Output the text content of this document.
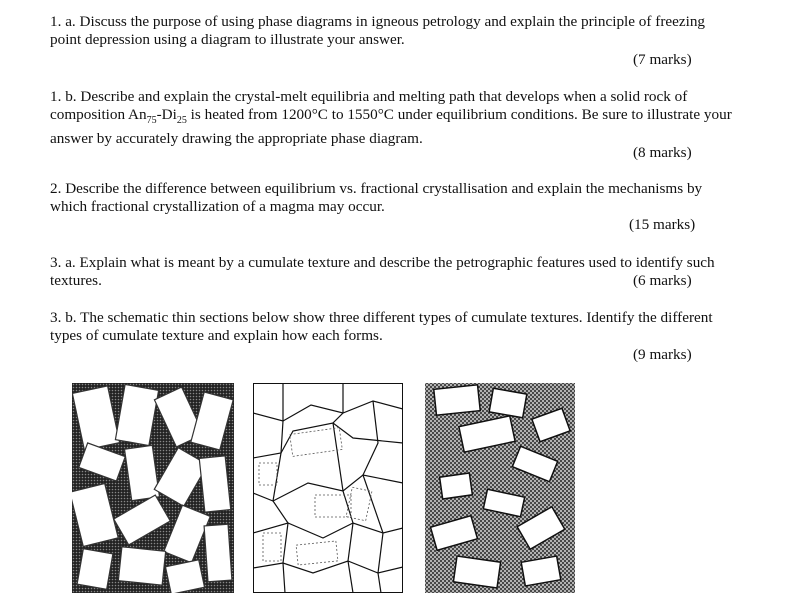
1. a. Discuss the purpose of using phase diagrams in igneous petrology and explain the principle of freezing point depression using a diagram to illustrate your answer.
(7 marks)
1. b. Describe and explain the crystal-melt equilibria and melting path that develops when a solid rock of composition $An_{75}-Di_{25}$ is heated from 1200°C to 1550°C under equilibrium conditions. Be sure to illustrate your answer by accurately drawing the appropriate phase diagram.
(8 marks)
2. Describe the difference between equilibrium vs. fractional crystallisation and explain the mechanisms by which fractional crystallization of a magma may occur.
(15 marks)
3. a. Explain what is meant by a cumulate texture and describe the petrographic features used to identify such textures.	(6 marks)
3. b. The schematic thin sections below show three different types of cumulate textures. Identify the different types of cumulate texture and explain how each forms.
(9 marks)
